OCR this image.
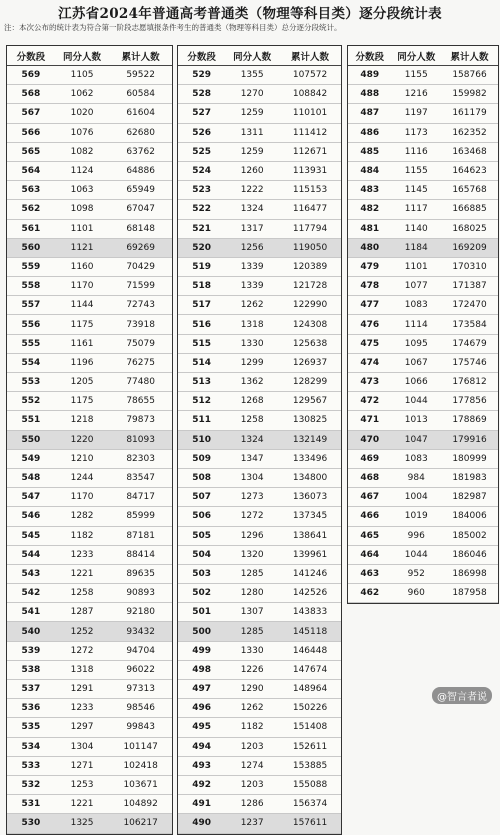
江苏省2024年普通高考普通类（物理等科目类）逐分段统计表
注：本次公布的统计表为符合第一阶段志愿填报条件考生的普通类（物理等科目类）总分逐分段统计。
分数段	同分人数	累计人数
569	1105	59522
568	1062	60584
567	1020	61604
566	1076	62680
565	1082	63762
564	1124	64886
563	1063	65949
562	1098	67047
561	1101	68148
560	1121	69269
559	1160	70429
558	1170	71599
557	1144	72743
556	1175	73918
555	1161	75079
554	1196	76275
553	1205	77480
552	1175	78655
551	1218	79873
550	1220	81093
549	1210	82303
548	1244	83547
547	1170	84717
546	1282	85999
545	1182	87181
544	1233	88414
543	1221	89635
542	1258	90893
541	1287	92180
540	1252	93432
539	1272	94704
538	1318	96022
537	1291	97313
536	1233	98546
535	1297	99843
534	1304	101147
533	1271	102418
532	1253	103671
531	1221	104892
530	1325	106217
分数段	同分人数	累计人数
529	1355	107572
528	1270	108842
527	1259	110101
526	1311	111412
525	1259	112671
524	1260	113931
523	1222	115153
522	1324	116477
521	1317	117794
520	1256	119050
519	1339	120389
518	1339	121728
517	1262	122990
516	1318	124308
515	1330	125638
514	1299	126937
513	1362	128299
512	1268	129567
511	1258	130825
510	1324	132149
509	1347	133496
508	1304	134800
507	1273	136073
506	1272	137345
505	1296	138641
504	1320	139961
503	1285	141246
502	1280	142526
501	1307	143833
500	1285	145118
499	1330	146448
498	1226	147674
497	1290	148964
496	1262	150226
495	1182	151408
494	1203	152611
493	1274	153885
492	1203	155088
491	1286	156374
490	1237	157611
分数段	同分人数	累计人数
489	1155	158766
488	1216	159982
487	1197	161179
486	1173	162352
485	1116	163468
484	1155	164623
483	1145	165768
482	1117	166885
481	1140	168025
480	1184	169209
479	1101	170310
478	1077	171387
477	1083	172470
476	1114	173584
475	1095	174679
474	1067	175746
473	1066	176812
472	1044	177856
471	1013	178869
470	1047	179916
469	1083	180999
468	984	181983
467	1004	182987
466	1019	184006
465	996	185002
464	1044	186046
463	952	186998
462	960	187958
@智言者说
